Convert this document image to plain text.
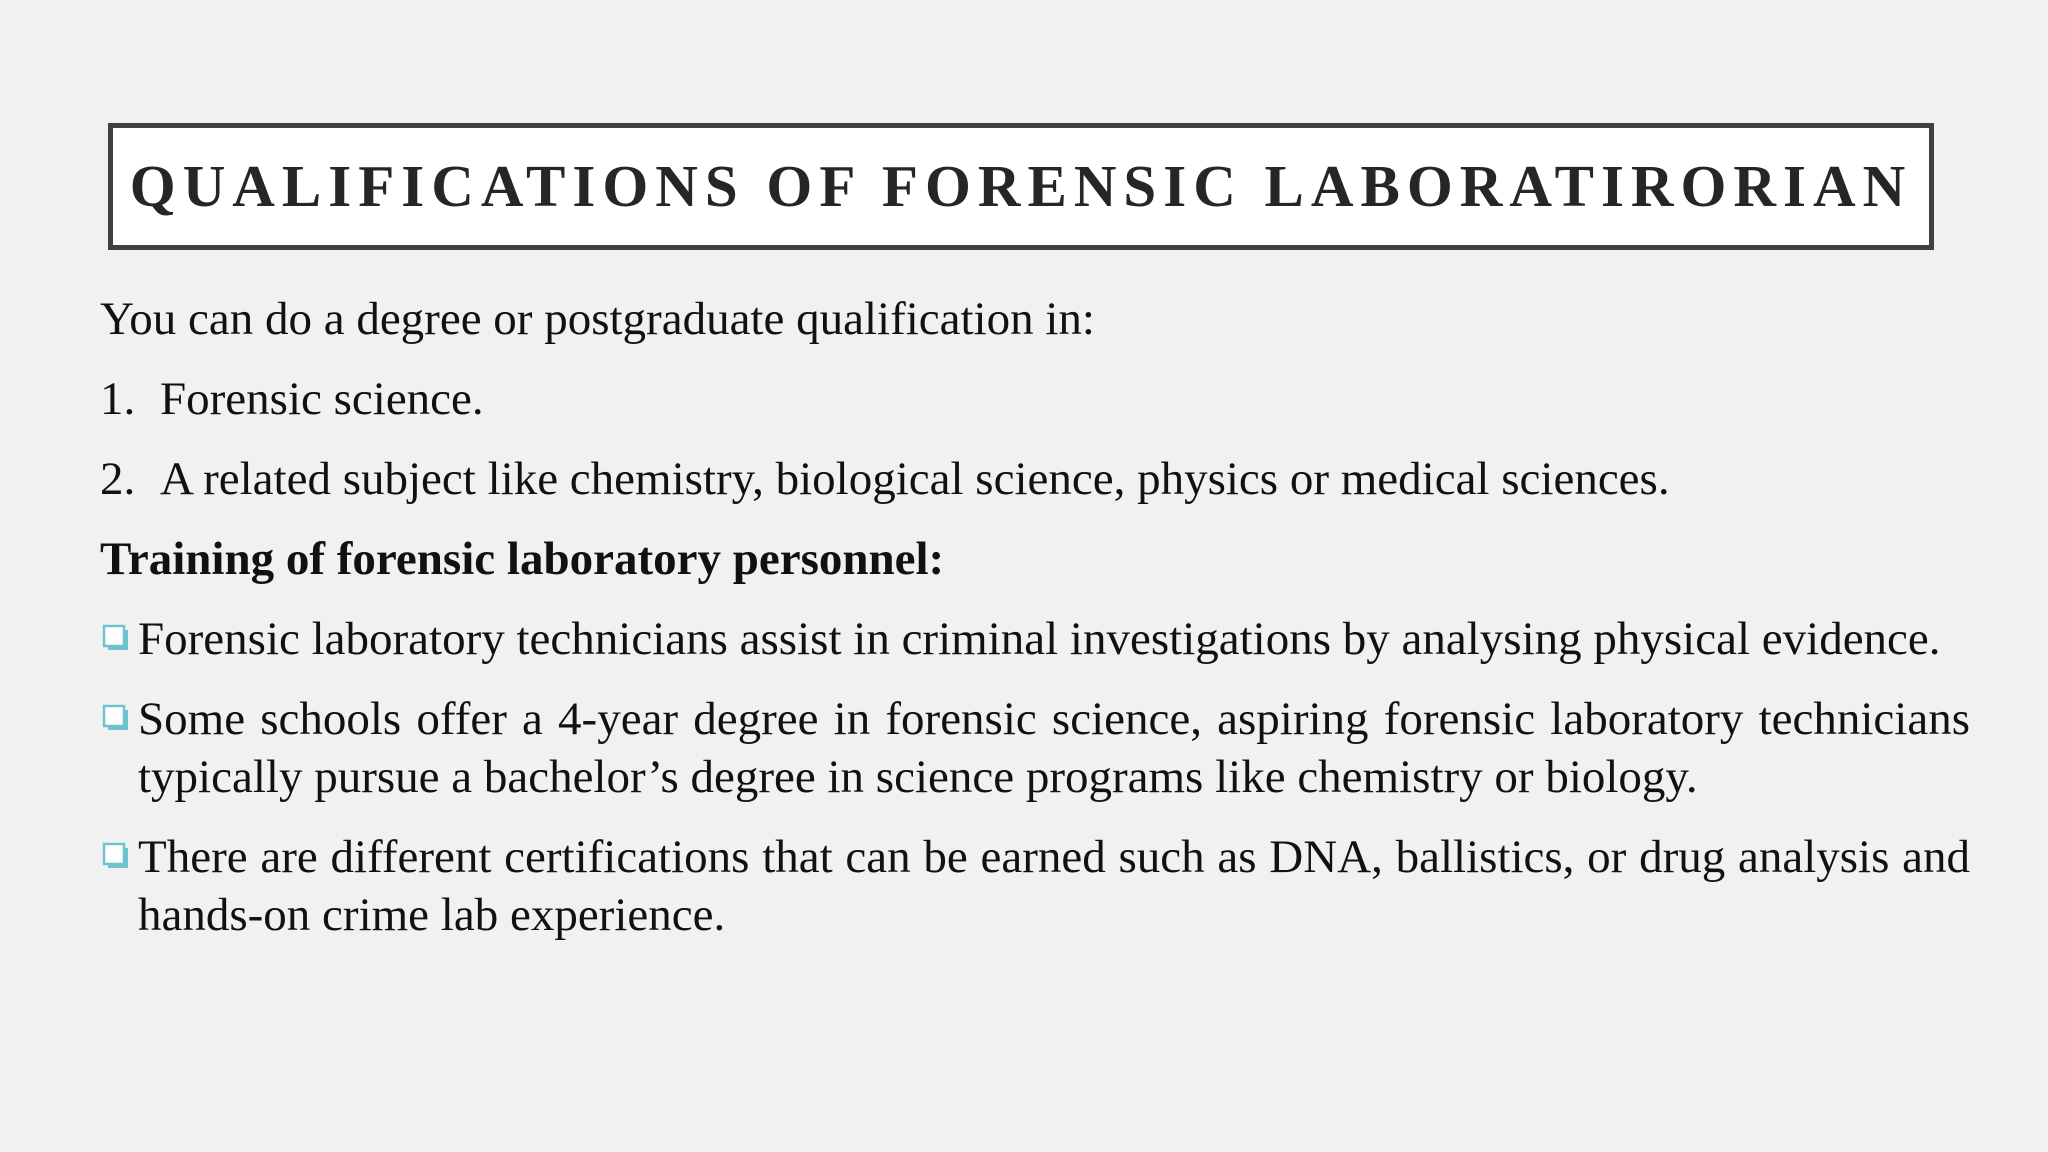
QUALIFICATIONS OF FORENSIC LABORATIRORIAN
You can do a degree or postgraduate qualification in:
1. Forensic science.
2. A related subject like chemistry, biological science, physics or medical sciences.
Training of forensic laboratory personnel:
Forensic laboratory technicians assist in criminal investigations by analysing physical evidence.
Some schools offer a 4-year degree in forensic science, aspiring forensic laboratory technicians typically pursue a bachelor’s degree in science programs like chemistry or biology.
There are different certifications that can be earned such as DNA, ballistics, or drug analysis and hands-on crime lab experience.
